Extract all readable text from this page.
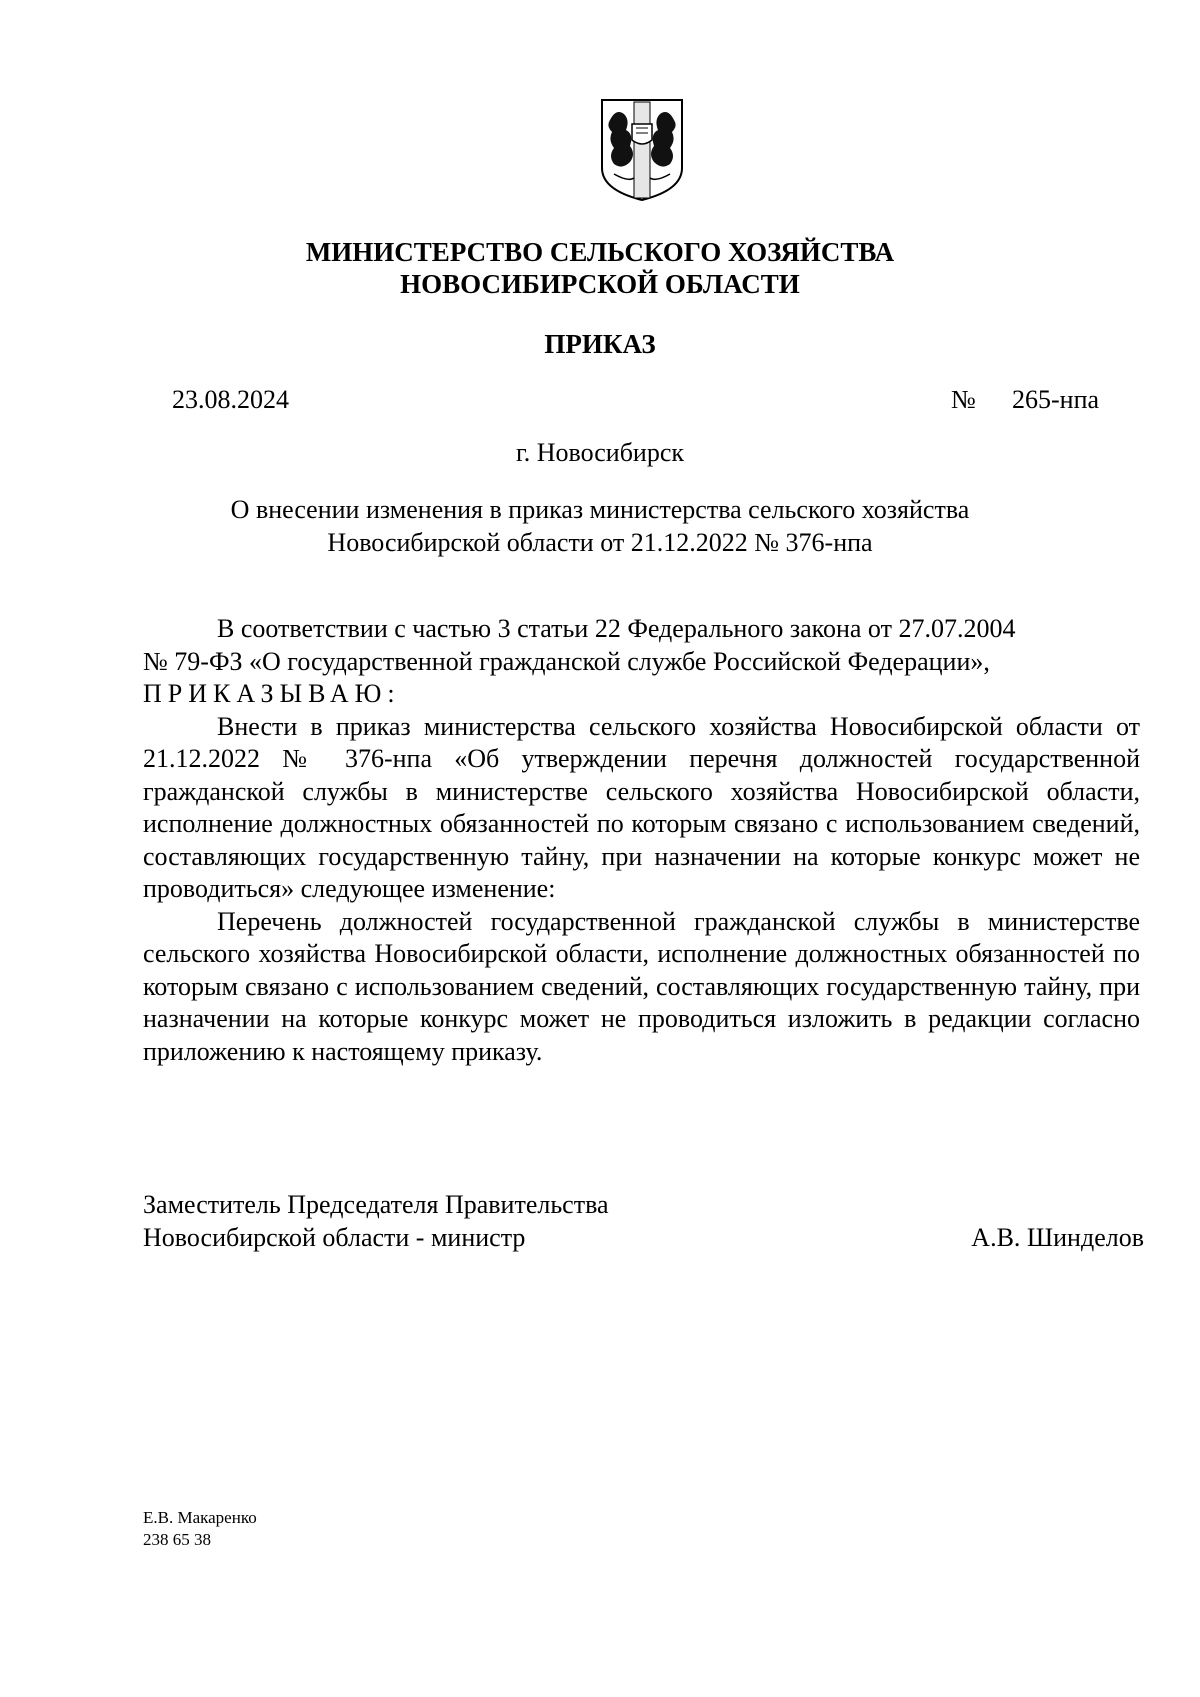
МИНИСТЕРСТВО СЕЛЬСКОГО ХОЗЯЙСТВА
НОВОСИБИРСКОЙ ОБЛАСТИ
ПРИКАЗ
23.08.2024	№ 265-нпа
г. Новосибирск
О внесении изменения в приказ министерства сельского хозяйства
Новосибирской области от 21.12.2022 № 376-нпа

В соответствии с частью 3 статьи 22 Федерального закона от 27.07.2004

№ 79-ФЗ «О государственной гражданской службе Российской Федерации»,

ПРИКАЗЫВАЮ:

Внести в приказ министерства сельского хозяйства Новосибирской области от 21.12.2022 № 376-нпа «Об утверждении перечня должностей государственной гражданской службы в министерстве сельского хозяйства Новосибирской области, исполнение должностных обязанностей по которым связано с использованием сведений, составляющих государственную тайну, при назначении на которые конкурс может не проводиться» следующее изменение:

Перечень должностей государственной гражданской службы в министерстве сельского хозяйства Новосибирской области, исполнение должностных обязанностей по которым связано с использованием сведений, составляющих государственную тайну, при назначении на которые конкурс может не проводиться изложить в редакции согласно приложению к настоящему приказу.

Заместитель Председателя Правительства
Новосибирской области - министр	А.В. Шинделов
Е.В. Макаренко
238 65 38
